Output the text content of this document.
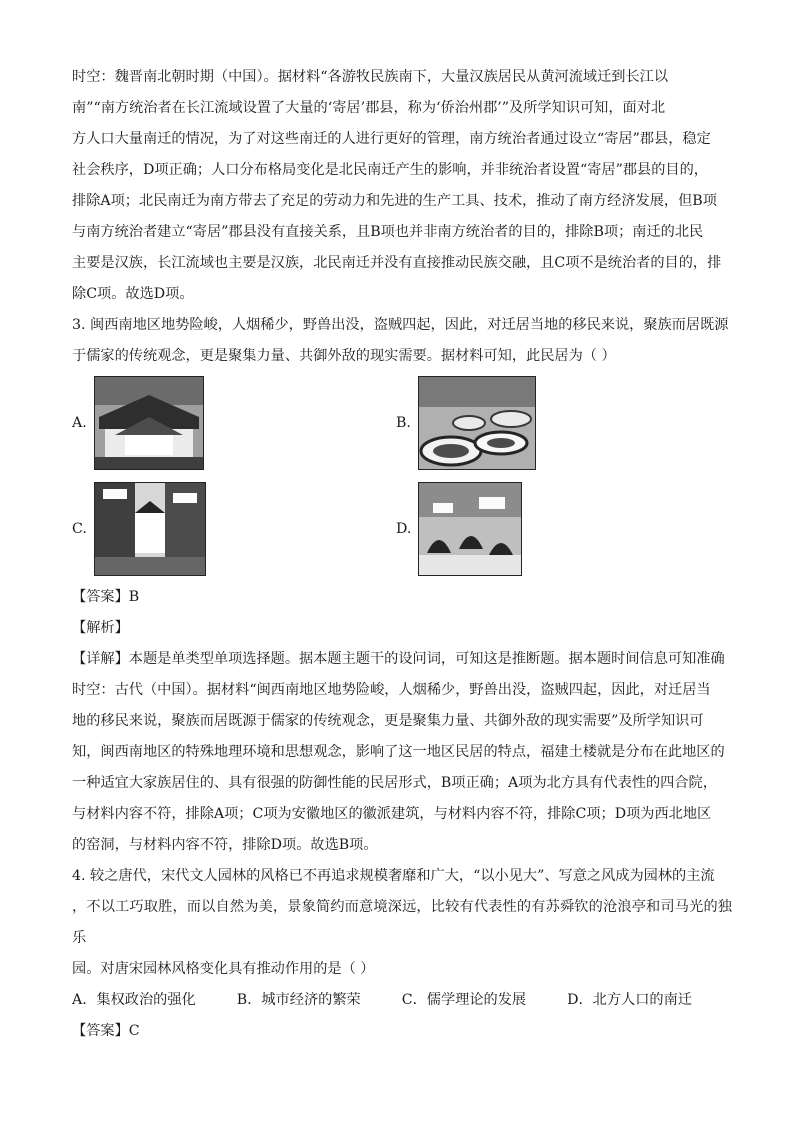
时空：魏晋南北朝时期（中国）。据材料“各游牧民族南下，大量汉族居民从黄河流域迁到长江以

南”“南方统治者在长江流域设置了大量的‘寄居’郡县，称为‘侨治州郡’”及所学知识可知，面对北

方人口大量南迁的情况，为了对这些南迁的人进行更好的管理，南方统治者通过设立“寄居”郡县，稳定

社会秩序，D项正确；人口分布格局变化是北民南迁产生的影响，并非统治者设置“寄居”郡县的目的，

排除A项；北民南迁为南方带去了充足的劳动力和先进的生产工具、技术，推动了南方经济发展，但B项

与南方统治者建立“寄居”郡县没有直接关系，且B项也并非南方统治者的目的，排除B项；南迁的北民

主要是汉族，长江流域也主要是汉族，北民南迁并没有直接推动民族交融，且C项不是统治者的目的，排

除C项。故选D项。

3. 闽西南地区地势险峻，人烟稀少，野兽出没，盗贼四起，因此，对迁居当地的移民来说，聚族而居既源

于儒家的传统观念，更是聚集力量、共御外敌的现实需要。据材料可知，此民居为（ ）

A.	B.
C.	D.

【答案】B

【解析】

【详解】本题是单类型单项选择题。据本题主题干的设问词，可知这是推断题。据本题时间信息可知准确

时空：古代（中国）。据材料“闽西南地区地势险峻，人烟稀少，野兽出没，盗贼四起，因此，对迁居当

地的移民来说，聚族而居既源于儒家的传统观念，更是聚集力量、共御外敌的现实需要”及所学知识可

知，闽西南地区的特殊地理环境和思想观念，影响了这一地区民居的特点，福建土楼就是分布在此地区的

一种适宜大家族居住的、具有很强的防御性能的民居形式，B项正确；A项为北方具有代表性的四合院，

与材料内容不符，排除A项；C项为安徽地区的徽派建筑，与材料内容不符，排除C项；D项为西北地区

的窑洞，与材料内容不符，排除D项。故选B项。

4. 较之唐代，宋代文人园林的风格已不再追求规模奢靡和广大，“以小见大”、写意之风成为园林的主流

，不以工巧取胜，而以自然为美，景象简约而意境深远，比较有代表性的有苏舜钦的沧浪亭和司马光的独乐

园。对唐宋园林风格变化具有推动作用的是（ ）

A．集权政治的强化	B．城市经济的繁荣	C．儒学理论的发展	D．北方人口的南迁

【答案】C
